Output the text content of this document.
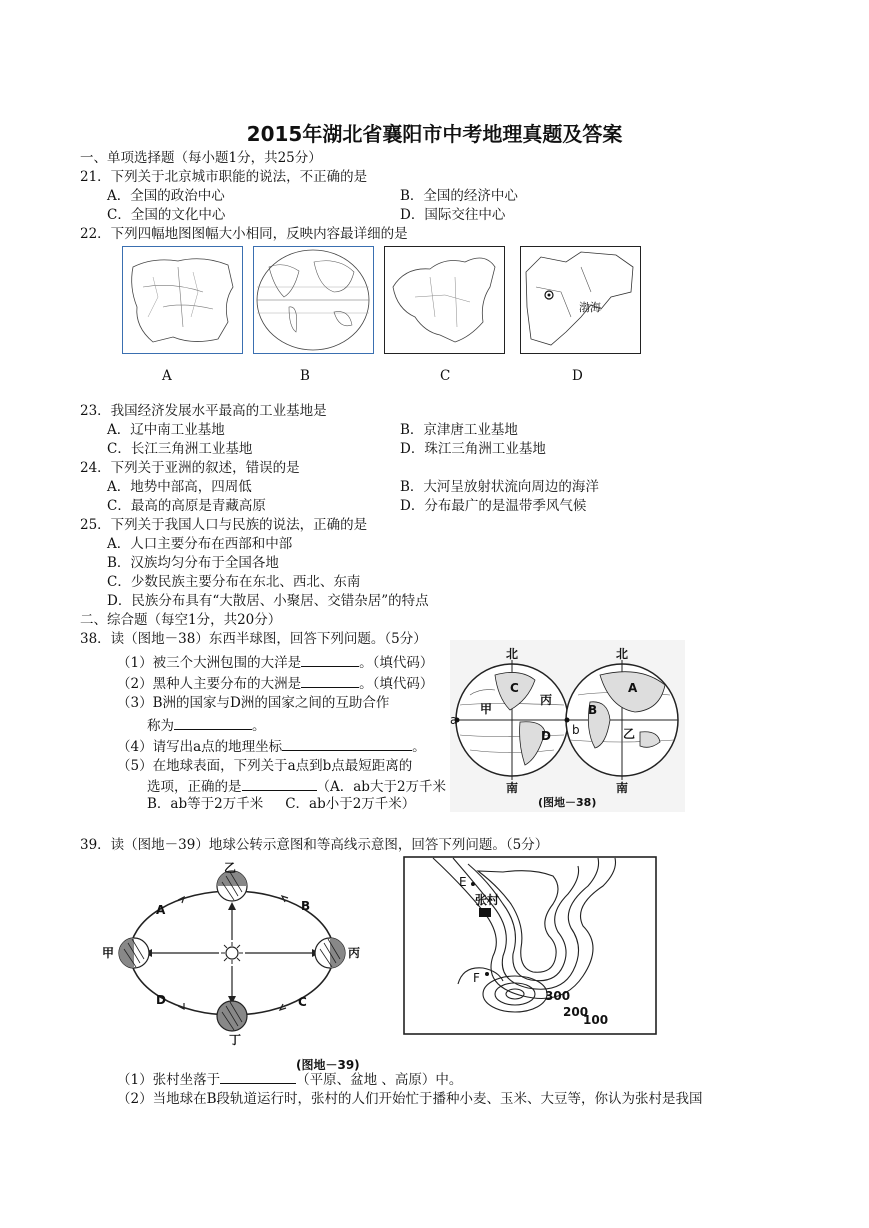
2015年湖北省襄阳市中考地理真题及答案
一、单项选择题（每小题1分，共25分）
21．下列关于北京城市职能的说法，不正确的是
A．全国的政治中心	B．全国的经济中心
C．全国的文化中心	D．国际交往中心
22．下列四幅地图图幅大小相同，反映内容最详细的是
渤海
A	B	C	D
23．我国经济发展水平最高的工业基地是
A．辽中南工业基地	B．京津唐工业基地
C．长江三角洲工业基地	D．珠江三角洲工业基地
24．下列关于亚洲的叙述，错误的是
A．地势中部高，四周低	B．大河呈放射状流向周边的海洋
C．最高的高原是青藏高原	D．分布最广的是温带季风气候
25．下列关于我国人口与民族的说法，正确的是
A．人口主要分布在西部和中部
B．汉族均匀分布于全国各地
C．少数民族主要分布在东北、西北、东南
D．民族分布具有“大散居、小聚居、交错杂居”的特点
二、综合题（每空1分，共20分）
38．读（图地－38）东西半球图，回答下列问题。（5分）
（1）被三个大洲包围的大洋是	。（填代码）
（2）黑种人主要分布的大洲是	。（填代码）
（3）B洲的国家与D洲的国家之间的互助合作
称为	。
（4）请写出a点的地理坐标	。
（5）在地球表面，下列关于a点到b点最短距离的
选项，正确的是	（A．ab大于2万千米
B．ab等于2万千米 C．ab小于2万千米）
北	北
南	南
甲
丙
乙
C
D
A
B
a
b
(图地－38)
39．读（图地－39）地球公转示意图和等高线示意图，回答下列问题。（5分）
乙
甲	丙
丁
A	B
C
D
张村
E
F
300
200
100
(图地－39)
（1）张村坐落于	（平原、盆地 、高原）中。
（2）当地球在B段轨道运行时，张村的人们开始忙于播种小麦、玉米、大豆等，你认为张村是我国
